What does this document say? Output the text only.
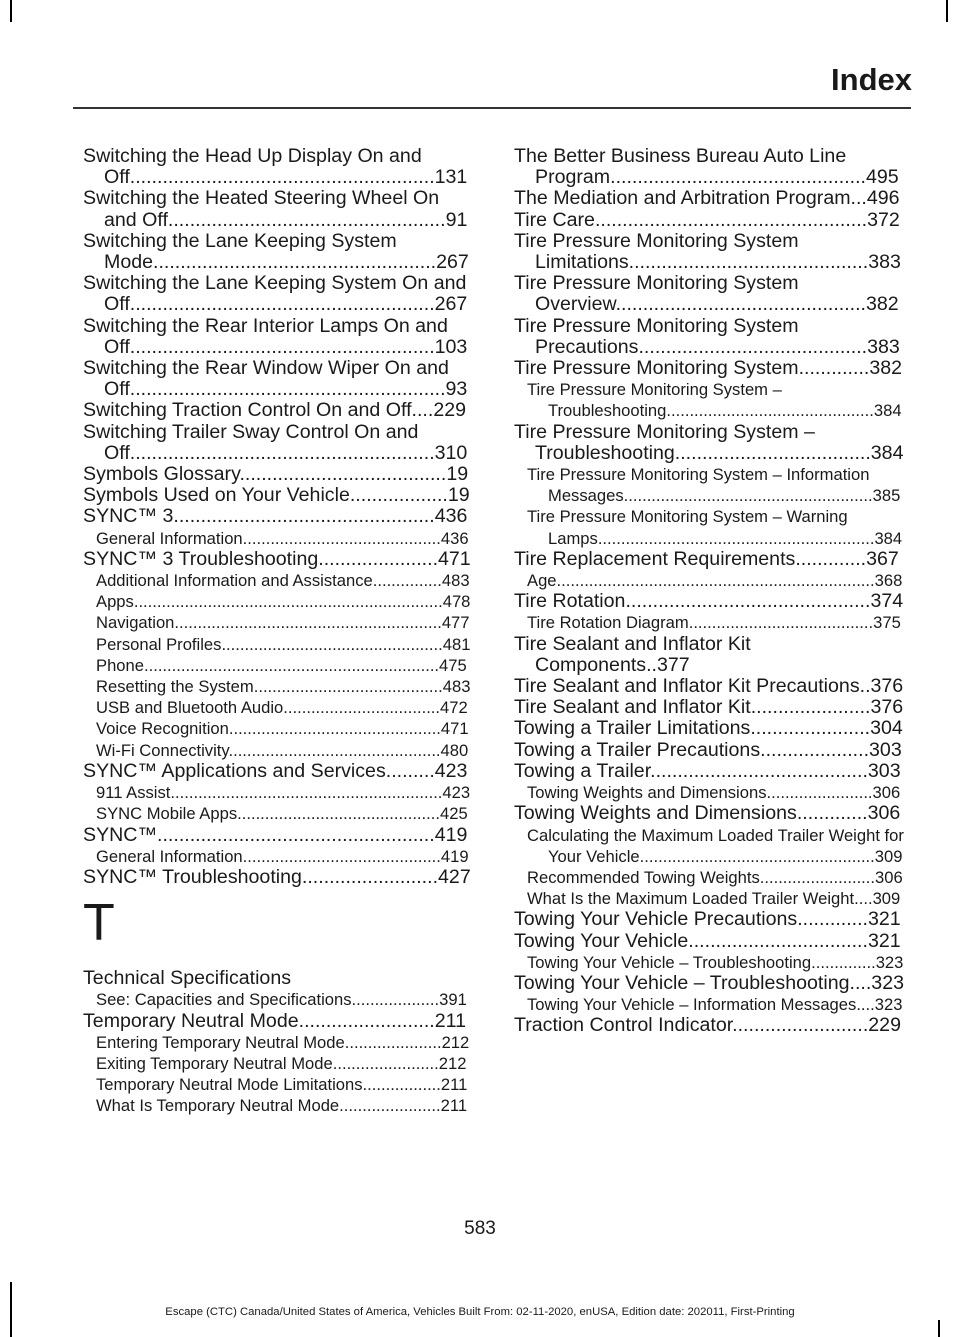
Index
Switching the Head Up Display On and Off........................................................131
Switching the Heated Steering Wheel On and Off...................................................91
Switching the Lane Keeping System Mode....................................................267
Switching the Lane Keeping System On and Off........................................................267
Switching the Rear Interior Lamps On and Off........................................................103
Switching the Rear Window Wiper On and Off..........................................................93
Switching Traction Control On and Off....229
Switching Trailer Sway Control On and Off........................................................310
Symbols Glossary......................................19
Symbols Used on Your Vehicle..................19
SYNC™ 3................................................436
General Information...........................................436
SYNC™ 3 Troubleshooting......................471
Additional Information and Assistance...............483
Apps...................................................................478
Navigation..........................................................477
Personal Profiles................................................481
Phone................................................................475
Resetting the System.........................................483
USB and Bluetooth Audio..................................472
Voice Recognition..............................................471
Wi-Fi Connectivity..............................................480
SYNC™ Applications and Services.........423
911 Assist...........................................................423
SYNC Mobile Apps............................................425
SYNC™...................................................419
General Information...........................................419
SYNC™ Troubleshooting.........................427
T
Technical Specifications
See: Capacities and Specifications...................391
Temporary Neutral Mode.........................211
Entering Temporary Neutral Mode.....................212
Exiting Temporary Neutral Mode.......................212
Temporary Neutral Mode Limitations.................211
What Is Temporary Neutral Mode......................211
The Better Business Bureau Auto Line Program...............................................495
The Mediation and Arbitration Program...496
Tire Care..................................................372
Tire Pressure Monitoring System Limitations............................................383
Tire Pressure Monitoring System Overview..............................................382
Tire Pressure Monitoring System Precautions..........................................383
Tire Pressure Monitoring System.............382
Tire Pressure Monitoring System – Troubleshooting.............................................384
Tire Pressure Monitoring System – Troubleshooting....................................384
Tire Pressure Monitoring System – Information Messages......................................................385
Tire Pressure Monitoring System – Warning Lamps............................................................384
Tire Replacement Requirements.............367
Age.....................................................................368
Tire Rotation.............................................374
Tire Rotation Diagram........................................375
Tire Sealant and Inflator Kit Components..377
Tire Sealant and Inflator Kit Precautions..376
Tire Sealant and Inflator Kit......................376
Towing a Trailer Limitations......................304
Towing a Trailer Precautions....................303
Towing a Trailer........................................303
Towing Weights and Dimensions.......................306
Towing Weights and Dimensions.............306
Calculating the Maximum Loaded Trailer Weight for Your Vehicle...................................................309
Recommended Towing Weights.........................306
What Is the Maximum Loaded Trailer Weight....309
Towing Your Vehicle Precautions.............321
Towing Your Vehicle.................................321
Towing Your Vehicle – Troubleshooting..............323
Towing Your Vehicle – Troubleshooting....323
Towing Your Vehicle – Information Messages....323
Traction Control Indicator.........................229
583
Escape (CTC) Canada/United States of America, Vehicles Built From: 02-11-2020, enUSA, Edition date: 202011, First-Printing
